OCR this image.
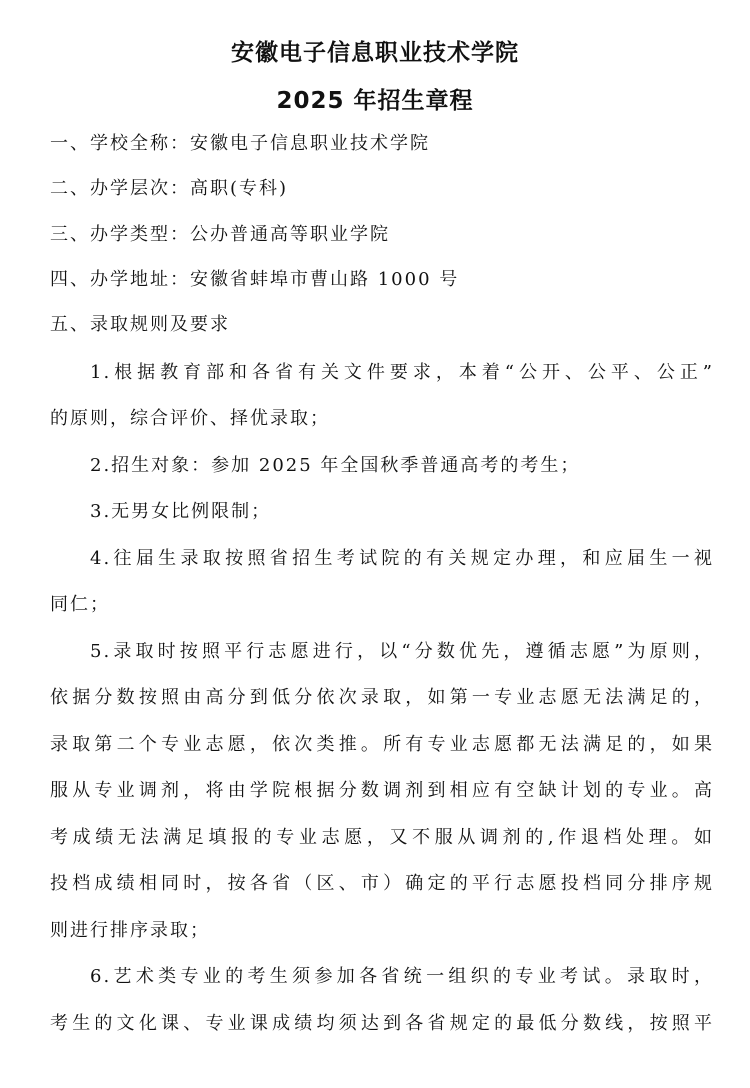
安徽电子信息职业技术学院
2025 年招生章程
一、学校全称：安徽电子信息职业技术学院
二、办学层次：高职(专科)
三、办学类型：公办普通高等职业学院
四、办学地址：安徽省蚌埠市曹山路 1000 号
五、录取规则及要求
1.根据教育部和各省有关文件要求，本着“公开、公平、公正”
的原则，综合评价、择优录取；
2.招生对象：参加 2025 年全国秋季普通高考的考生；
3.无男女比例限制；
4.往届生录取按照省招生考试院的有关规定办理，和应届生一视
同仁；
5.录取时按照平行志愿进行，以“分数优先，遵循志愿”为原则，
依据分数按照由高分到低分依次录取，如第一专业志愿无法满足的，
录取第二个专业志愿，依次类推。所有专业志愿都无法满足的，如果
服从专业调剂，将由学院根据分数调剂到相应有空缺计划的专业。高
考成绩无法满足填报的专业志愿，又不服从调剂的,作退档处理。如
投档成绩相同时，按各省（区、市）确定的平行志愿投档同分排序规
则进行排序录取；
6.艺术类专业的考生须参加各省统一组织的专业考试。录取时，
考生的文化课、专业课成绩均须达到各省规定的最低分数线，按照平
